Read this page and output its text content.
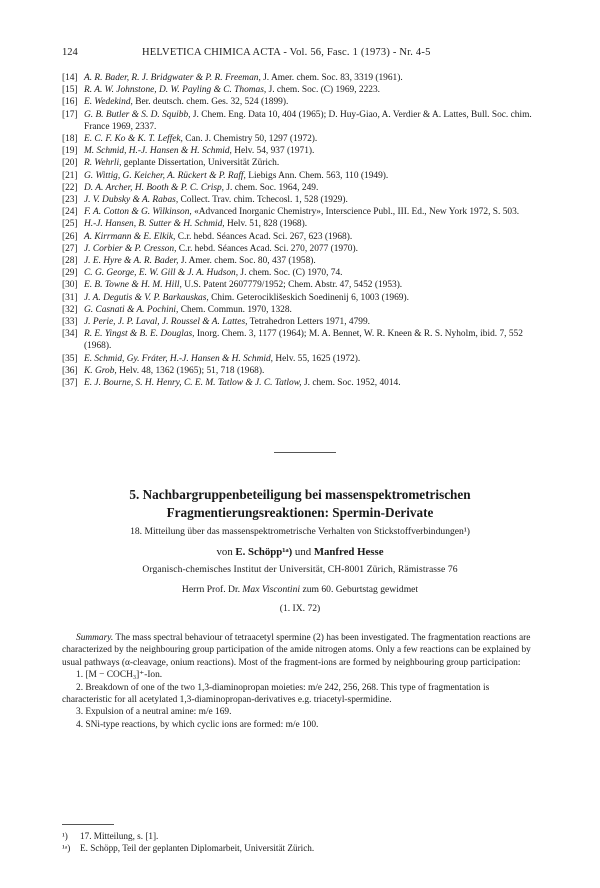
124	HELVETICA CHIMICA ACTA - Vol. 56, Fasc. 1 (1973) - Nr. 4-5
[14] A. R. Bader, R. J. Bridgwater & P. R. Freeman, J. Amer. chem. Soc. 83, 3319 (1961).
[15] R. A. W. Johnstone, D. W. Payling & C. Thomas, J. chem. Soc. (C) 1969, 2223.
[16] E. Wedekind, Ber. deutsch. chem. Ges. 32, 524 (1899).
[17] G. B. Butler & S. D. Squibb, J. Chem. Eng. Data 10, 404 (1965); D. Huy-Giao, A. Verdier & A. Lattes, Bull. Soc. chim. France 1969, 2337.
[18] E. C. F. Ko & K. T. Leffek, Can. J. Chemistry 50, 1297 (1972).
[19] M. Schmid, H.-J. Hansen & H. Schmid, Helv. 54, 937 (1971).
[20] R. Wehrli, geplante Dissertation, Universität Zürich.
[21] G. Wittig, G. Keicher, A. Rückert & P. Raff, Liebigs Ann. Chem. 563, 110 (1949).
[22] D. A. Archer, H. Booth & P. C. Crisp, J. chem. Soc. 1964, 249.
[23] J. V. Dubsky & A. Rabas, Collect. Trav. chim. Tchecosl. 1, 528 (1929).
[24] F. A. Cotton & G. Wilkinson, «Advanced Inorganic Chemistry», Interscience Publ., III. Ed., New York 1972, S. 503.
[25] H.-J. Hansen, B. Sutter & H. Schmid, Helv. 51, 828 (1968).
[26] A. Kirrmann & E. Elkik, C.r. hebd. Séances Acad. Sci. 267, 623 (1968).
[27] J. Corbier & P. Cresson, C.r. hebd. Séances Acad. Sci. 270, 2077 (1970).
[28] J. E. Hyre & A. R. Bader, J. Amer. chem. Soc. 80, 437 (1958).
[29] C. G. George, E. W. Gill & J. A. Hudson, J. chem. Soc. (C) 1970, 74.
[30] E. B. Towne & H. M. Hill, U.S. Patent 2607779/1952; Chem. Abstr. 47, 5452 (1953).
[31] J. A. Degutis & V. P. Barkauskas, Chim. Geterociklišeskich Soedinenij 6, 1003 (1969).
[32] G. Casnati & A. Pochini, Chem. Commun. 1970, 1328.
[33] J. Perie, J. P. Laval, J. Roussel & A. Lattes, Tetrahedron Letters 1971, 4799.
[34] R. E. Yingst & B. E. Douglas, Inorg. Chem. 3, 1177 (1964); M. A. Bennet, W. R. Kneen & R. S. Nyholm, ibid. 7, 552 (1968).
[35] E. Schmid, Gy. Fráter, H.-J. Hansen & H. Schmid, Helv. 55, 1625 (1972).
[36] K. Grob, Helv. 48, 1362 (1965); 51, 718 (1968).
[37] E. J. Bourne, S. H. Henry, C. E. M. Tatlow & J. C. Tatlow, J. chem. Soc. 1952, 4014.
5. Nachbargruppenbeteiligung bei massenspektrometrischen
Fragmentierungsreaktionen: Spermin-Derivate
18. Mitteilung über das massenspektrometrische Verhalten von Stickstoffverbindungen¹)
von E. Schöpp¹ᵃ) und Manfred Hesse
Organisch-chemisches Institut der Universität, CH-8001 Zürich, Rämistrasse 76
Herrn Prof. Dr. Max Viscontini zum 60. Geburtstag gewidmet
(1. IX. 72)

Summary. The mass spectral behaviour of tetraacetyl spermine (2) has been investigated. The fragmentation reactions are characterized by the neighbouring group participation of the amide nitrogen atoms. Only a few reactions can be explained by usual pathways (α-cleavage, onium reactions). Most of the fragment-ions are formed by neighbouring group participation:

1. [M − COCH₃]⁺-Ion.

2. Breakdown of one of the two 1,3-diaminopropan moieties: m/e 242, 256, 268. This type of fragmentation is characteristic for all acetylated 1,3-diaminopropan-derivatives e.g. triacetyl-spermidine.

3. Expulsion of a neutral amine: m/e 169.

4. SNi-type reactions, by which cyclic ions are formed: m/e 100.

¹)	17. Mitteilung, s. [1].
¹ᵃ)	E. Schöpp, Teil der geplanten Diplomarbeit, Universität Zürich.
